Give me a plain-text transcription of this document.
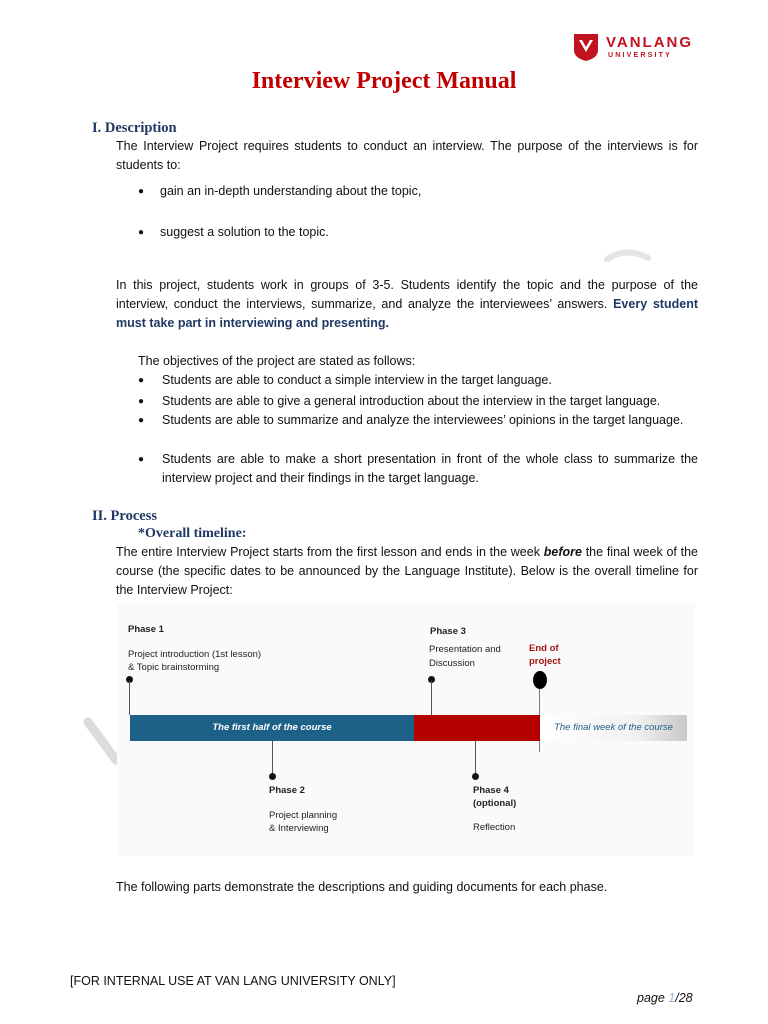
VANLANG
UNIVERSITY
Interview Project Manual
I. Description
The Interview Project requires students to conduct an interview. The purpose of the interviews is for students to:
● gain an in-depth understanding about the topic,
● suggest a solution to the topic.
In this project, students work in groups of 3-5. Students identify the topic and the purpose of the interview, conduct the interviews, summarize, and analyze the interviewees’ answers. Every student must take part in interviewing and presenting.
The objectives of the project are stated as follows:
● Students are able to conduct a simple interview in the target language.
● Students are able to give a general introduction about the interview in the target language.
● Students are able to summarize and analyze the interviewees’ opinions in the target language.
● Students are able to make a short presentation in front of the whole class to summarize the interview project and their findings in the target language.
II. Process
*Overall timeline:
The entire Interview Project starts from the first lesson and ends in the week before the final week of the course (the specific dates to be announced by the Language Institute). Below is the overall timeline for the Interview Project:
Phase 1
Project introduction (1st lesson)
& Topic brainstorming
Phase 3
Presentation and
Discussion
End of
project
The first half of the course	The final week of the course
Phase 2
Project planning
& Interviewing
Phase 4
(optional)
Reflection
The following parts demonstrate the descriptions and guiding documents for each phase.
[FOR INTERNAL USE AT VAN LANG UNIVERSITY ONLY]
page 1/28
